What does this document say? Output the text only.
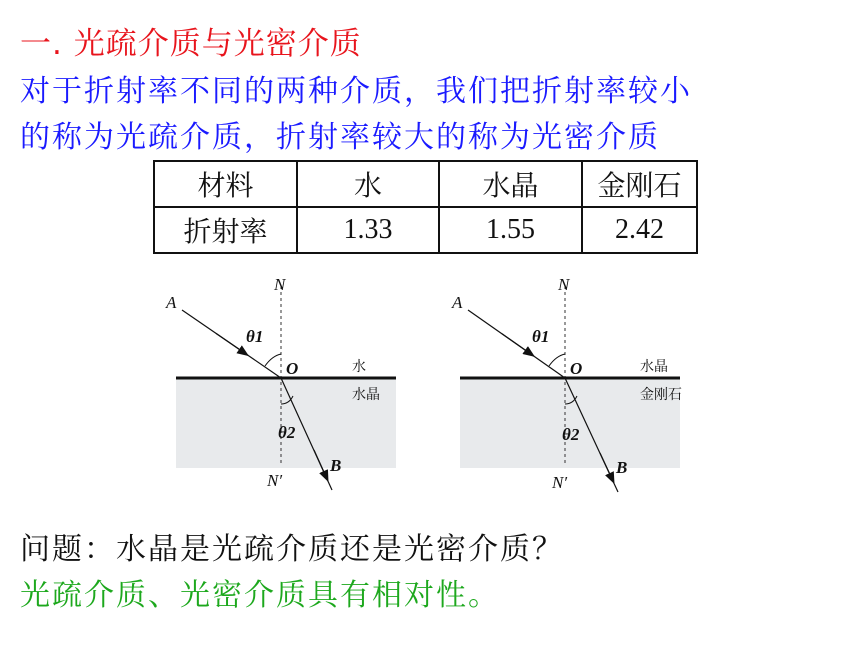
一. 光疏介质与光密介质
对于折射率不同的两种介质，我们把折射率较小
的称为光疏介质，折射率较大的称为光密介质
材料	水	水晶	金刚石
折射率	1.33	1.55	2.42
A
N
θ1
O	水
水晶
θ2
N′
B
A
N
θ1
O	水晶
金刚石
θ2
N′
B
问题：水晶是光疏介质还是光密介质？
光疏介质、光密介质具有相对性。
